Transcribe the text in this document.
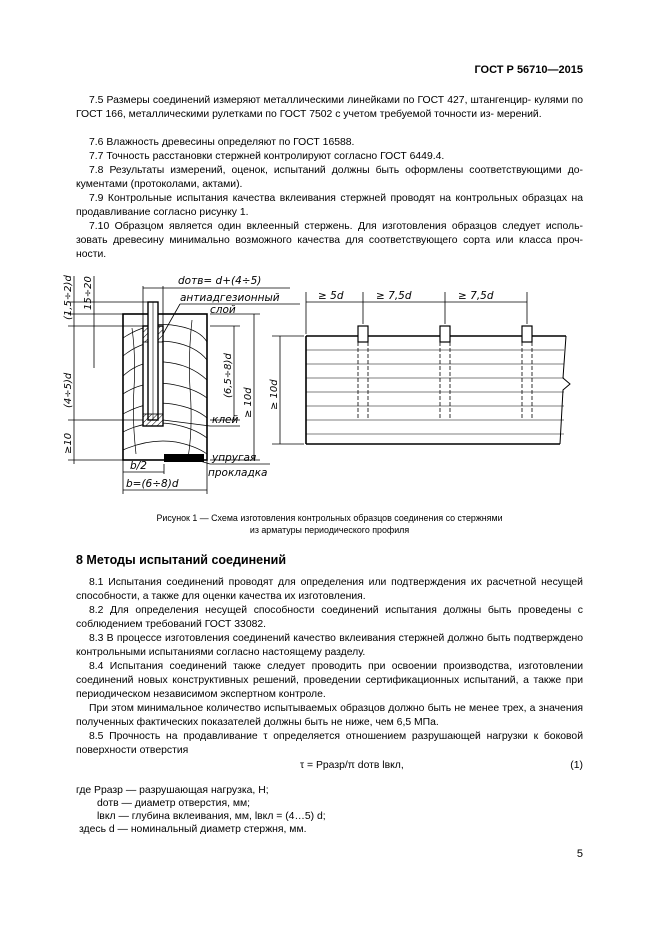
ГОСТ Р 56710—2015
7.5 Размеры соединений измеряют металлическими линейками по ГОСТ 427, штангенцир- кулями по ГОСТ 166, металлическими рулетками по ГОСТ 7502 с учетом требуемой точности из- мерений.
7.6 Влажность древесины определяют по ГОСТ 16588.
7.7 Точность расстановки стержней контролируют согласно ГОСТ 6449.4.
7.8 Результаты измерений, оценок, испытаний должны быть оформлены соответствующими до- кументами (протоколами, актами).
7.9 Контрольные испытания качества вклеивания стержней проводят на контрольных образцах на продавливание согласно рисунку 1.
7.10 Образцом является один вклеенный стержень. Для изготовления образцов следует исполь- зовать древесину минимально возможного качества для соответствующего сорта или класса проч- ности.
dотв= d+(4÷5)
антиадгезионный
слой
клей
упругая
прокладка
b/2
b=(6÷8)d
(1,5÷2)d 15÷20
(4÷5)d
≥10
(6,5÷8)d
≥ 10d
≥ 5d	≥ 7,5d	≥ 7,5d
≥ 10d
Рисунок 1 — Схема изготовления контрольных образцов соединения со стержнями
из арматуры периодического профиля
8 Методы испытаний соединений
8.1 Испытания соединений проводят для определения или подтверждения их расчетной несущей способности, а также для оценки качества их изготовления.
8.2 Для определения несущей способности соединений испытания должны быть проведены с соблюдением требований ГОСТ 33082.
8.3 В процессе изготовления соединений качество вклеивания стержней должно быть подтверждено контрольными испытаниями согласно настоящему разделу.
8.4 Испытания соединений также следует проводить при освоении производства, изготовлении соединений новых конструктивных решений, проведении сертификационных испытаний, а также при периодическом независимом экспертном контроле.
При этом минимальное количество испытываемых образцов должно быть не менее трех, а значения полученных фактических показателей должны быть не ниже, чем 6,5 МПа.
8.5 Прочность на продавливание τ определяется отношением разрушающей нагрузки к боковой поверхности отверстия
τ = Pразр/π dотв lвкл,	(1)
где Pразр — разрушающая нагрузка, Н;
dотв — диаметр отверстия, мм;
lвкл — глубина вклеивания, мм, lвкл = (4…5) d;
здесь d — номинальный диаметр стержня, мм.
5
